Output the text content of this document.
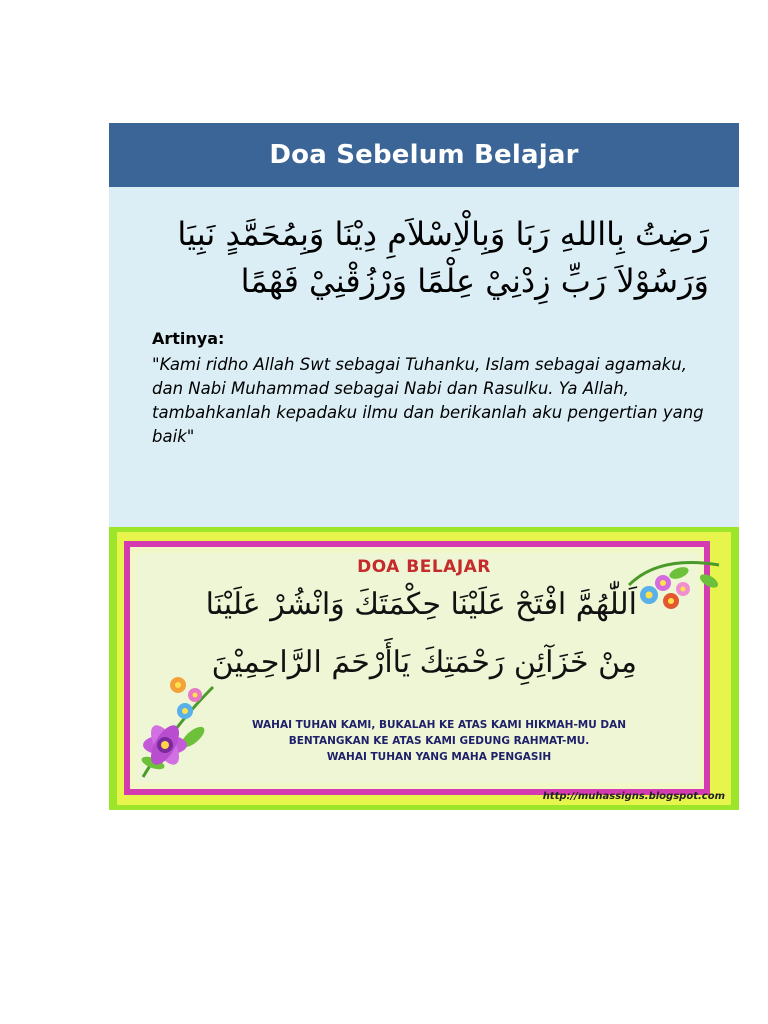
Doa Sebelum Belajar
رَضِتُ بِااللهِ رَبَا وَبِالْاِسْلاَمِ دِيْنَا وَبِمُحَمَّدٍ نَبِيَا
وَرَسُوْلاَ رَبِّ زِدْنِيْ عِلْمًا وَرْزُقْنِيْ فَهْمًا
Artinya:
"Kami ridho Allah Swt sebagai Tuhanku, Islam sebagai agamaku, dan Nabi Muhammad sebagai Nabi dan Rasulku. Ya Allah, tambahkanlah kepadaku ilmu dan berikanlah aku pengertian yang baik"
DOA BELAJAR
اَللّٰهُمَّ افْتَحْ عَلَيْنَا حِكْمَتَكَ وَانْشُرْ عَلَيْنَا
مِنْ خَزَآئِنِ رَحْمَتِكَ يَاأَرْحَمَ الرَّاحِمِيْنَ
WAHAI TUHAN KAMI, BUKALAH KE ATAS KAMI HIKMAH-MU DAN
BENTANGKAN KE ATAS KAMI GEDUNG RAHMAT-MU.
WAHAI TUHAN YANG MAHA PENGASIH
http://muhassigns.blogspot.com
